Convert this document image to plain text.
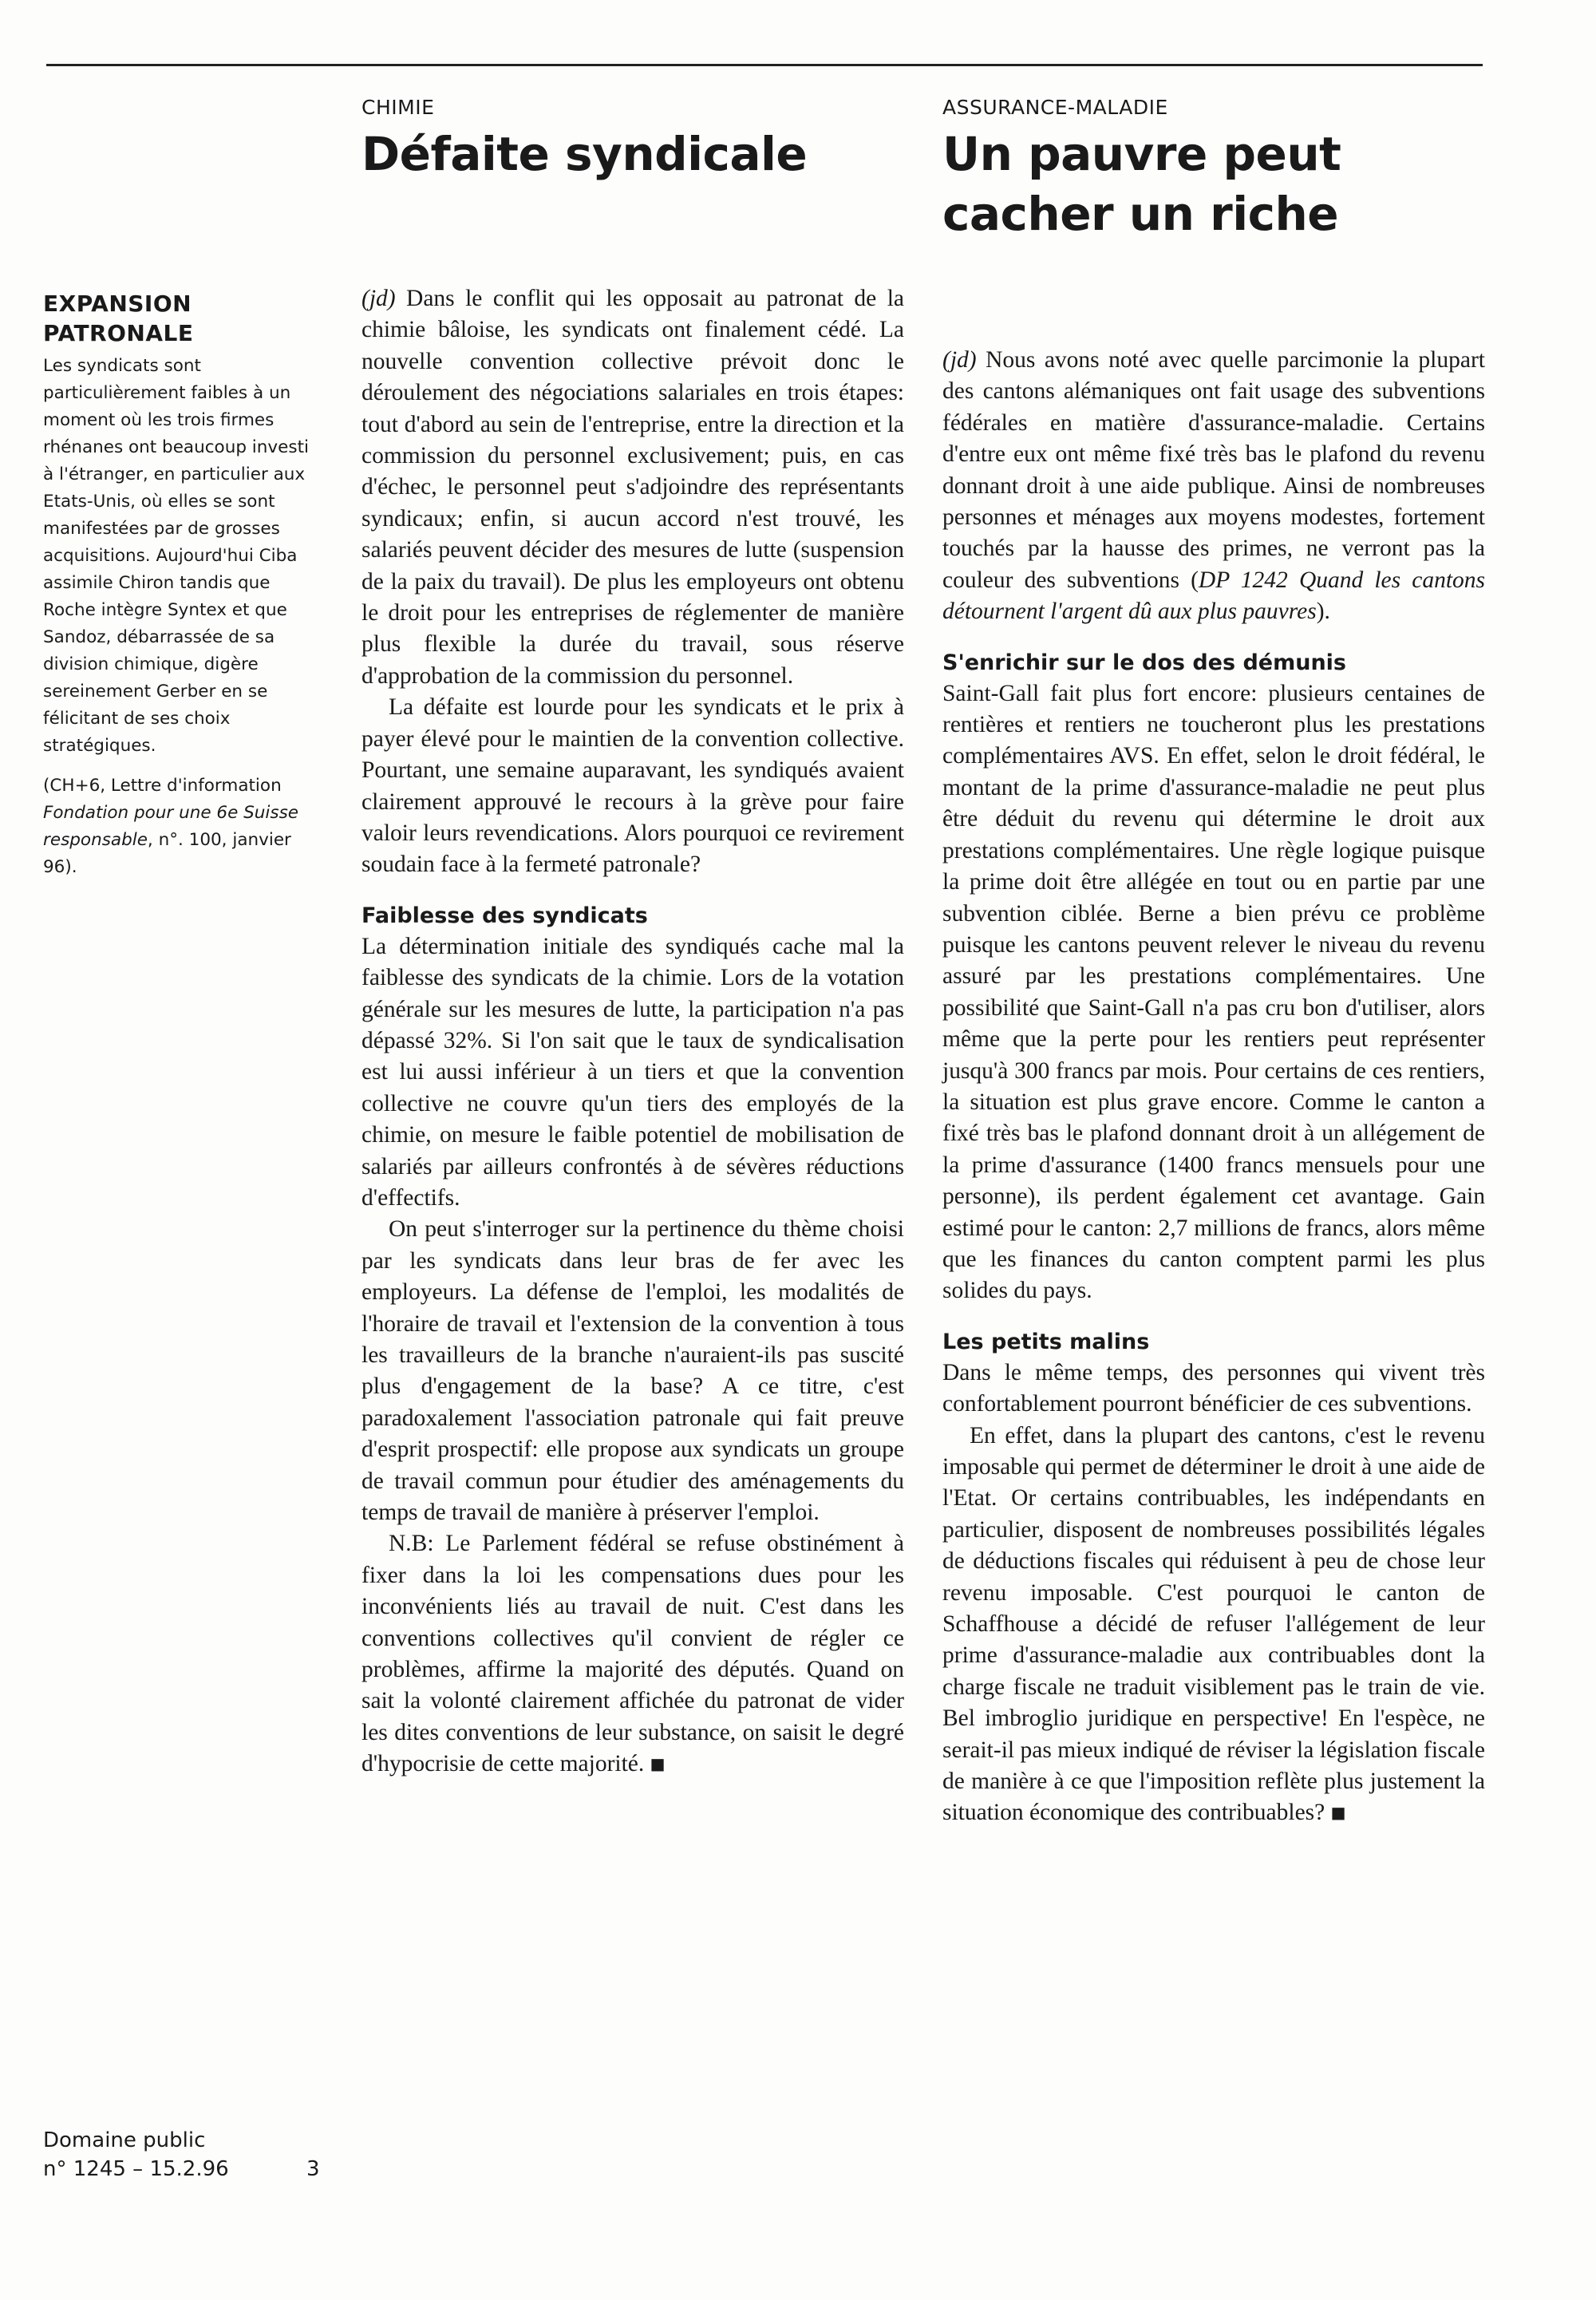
EXPANSION PATRONALE

Les syndicats sont particulièrement faibles à un moment où les trois firmes rhénanes ont beaucoup investi à l'étranger, en particulier aux Etats-Unis, où elles se sont manifestées par de grosses acquisitions. Aujourd'hui Ciba assimile Chiron tandis que Roche intègre Syntex et que Sandoz, débarrassée de sa division chimique, digère sereinement Gerber en se félicitant de ses choix stratégiques.

(CH+6, Lettre d'information Fondation pour une 6e Suisse responsable, n°. 100, janvier 96).

Domaine public
n° 1245 – 15.2.96	3
CHIMIE
Défaite syndicale

(jd) Dans le conflit qui les opposait au patronat de la chimie bâloise, les syndicats ont finalement cédé. La nouvelle convention collective prévoit donc le déroulement des négociations salariales en trois étapes: tout d'abord au sein de l'entreprise, entre la direction et la commission du personnel exclusivement; puis, en cas d'échec, le personnel peut s'adjoindre des représentants syndicaux; enfin, si aucun accord n'est trouvé, les salariés peuvent décider des mesures de lutte (suspension de la paix du travail). De plus les employeurs ont obtenu le droit pour les entreprises de réglementer de manière plus flexible la durée du travail, sous réserve d'approbation de la commission du personnel.

La défaite est lourde pour les syndicats et le prix à payer élevé pour le maintien de la convention collective. Pourtant, une semaine auparavant, les syndiqués avaient clairement approuvé le recours à la grève pour faire valoir leurs revendications. Alors pourquoi ce revirement soudain face à la fermeté patronale?

Faiblesse des syndicats

La détermination initiale des syndiqués cache mal la faiblesse des syndicats de la chimie. Lors de la votation générale sur les mesures de lutte, la participation n'a pas dépassé 32%. Si l'on sait que le taux de syndicalisation est lui aussi inférieur à un tiers et que la convention collective ne couvre qu'un tiers des employés de la chimie, on mesure le faible potentiel de mobilisation de salariés par ailleurs confrontés à de sévères réductions d'effectifs.

On peut s'interroger sur la pertinence du thème choisi par les syndicats dans leur bras de fer avec les employeurs. La défense de l'emploi, les modalités de l'horaire de travail et l'extension de la convention à tous les travailleurs de la branche n'auraient-ils pas suscité plus d'engagement de la base? A ce titre, c'est paradoxalement l'association patronale qui fait preuve d'esprit prospectif: elle propose aux syndicats un groupe de travail commun pour étudier des aménagements du temps de travail de manière à préserver l'emploi.

N.B: Le Parlement fédéral se refuse obstinément à fixer dans la loi les compensations dues pour les inconvénients liés au travail de nuit. C'est dans les conventions collectives qu'il convient de régler ce problèmes, affirme la majorité des députés. Quand on sait la volonté clairement affichée du patronat de vider les dites conventions de leur substance, on saisit le degré d'hypocrisie de cette majorité. ■

ASSURANCE-MALADIE
Un pauvre peut cacher un riche

(jd) Nous avons noté avec quelle parcimonie la plupart des cantons alémaniques ont fait usage des subventions fédérales en matière d'assurance-maladie. Certains d'entre eux ont même fixé très bas le plafond du revenu donnant droit à une aide publique. Ainsi de nombreuses personnes et ménages aux moyens modestes, fortement touchés par la hausse des primes, ne verront pas la couleur des subventions (DP 1242 Quand les cantons détournent l'argent dû aux plus pauvres).

S'enrichir sur le dos des démunis

Saint-Gall fait plus fort encore: plusieurs centaines de rentières et rentiers ne toucheront plus les prestations complémentaires AVS. En effet, selon le droit fédéral, le montant de la prime d'assurance-maladie ne peut plus être déduit du revenu qui détermine le droit aux prestations complémentaires. Une règle logique puisque la prime doit être allégée en tout ou en partie par une subvention ciblée. Berne a bien prévu ce problème puisque les cantons peuvent relever le niveau du revenu assuré par les prestations complémentaires. Une possibilité que Saint-Gall n'a pas cru bon d'utiliser, alors même que la perte pour les rentiers peut représenter jusqu'à 300 francs par mois. Pour certains de ces rentiers, la situation est plus grave encore. Comme le canton a fixé très bas le plafond donnant droit à un allégement de la prime d'assurance (1400 francs mensuels pour une personne), ils perdent également cet avantage. Gain estimé pour le canton: 2,7 millions de francs, alors même que les finances du canton comptent parmi les plus solides du pays.

Les petits malins

Dans le même temps, des personnes qui vivent très confortablement pourront bénéficier de ces subventions.

En effet, dans la plupart des cantons, c'est le revenu imposable qui permet de déterminer le droit à une aide de l'Etat. Or certains contribuables, les indépendants en particulier, disposent de nombreuses possibilités légales de déductions fiscales qui réduisent à peu de chose leur revenu imposable. C'est pourquoi le canton de Schaffhouse a décidé de refuser l'allégement de leur prime d'assurance-maladie aux contribuables dont la charge fiscale ne traduit visiblement pas le train de vie. Bel imbroglio juridique en perspective! En l'espèce, ne serait-il pas mieux indiqué de réviser la législation fiscale de manière à ce que l'imposition reflète plus justement la situation économique des contribuables? ■
